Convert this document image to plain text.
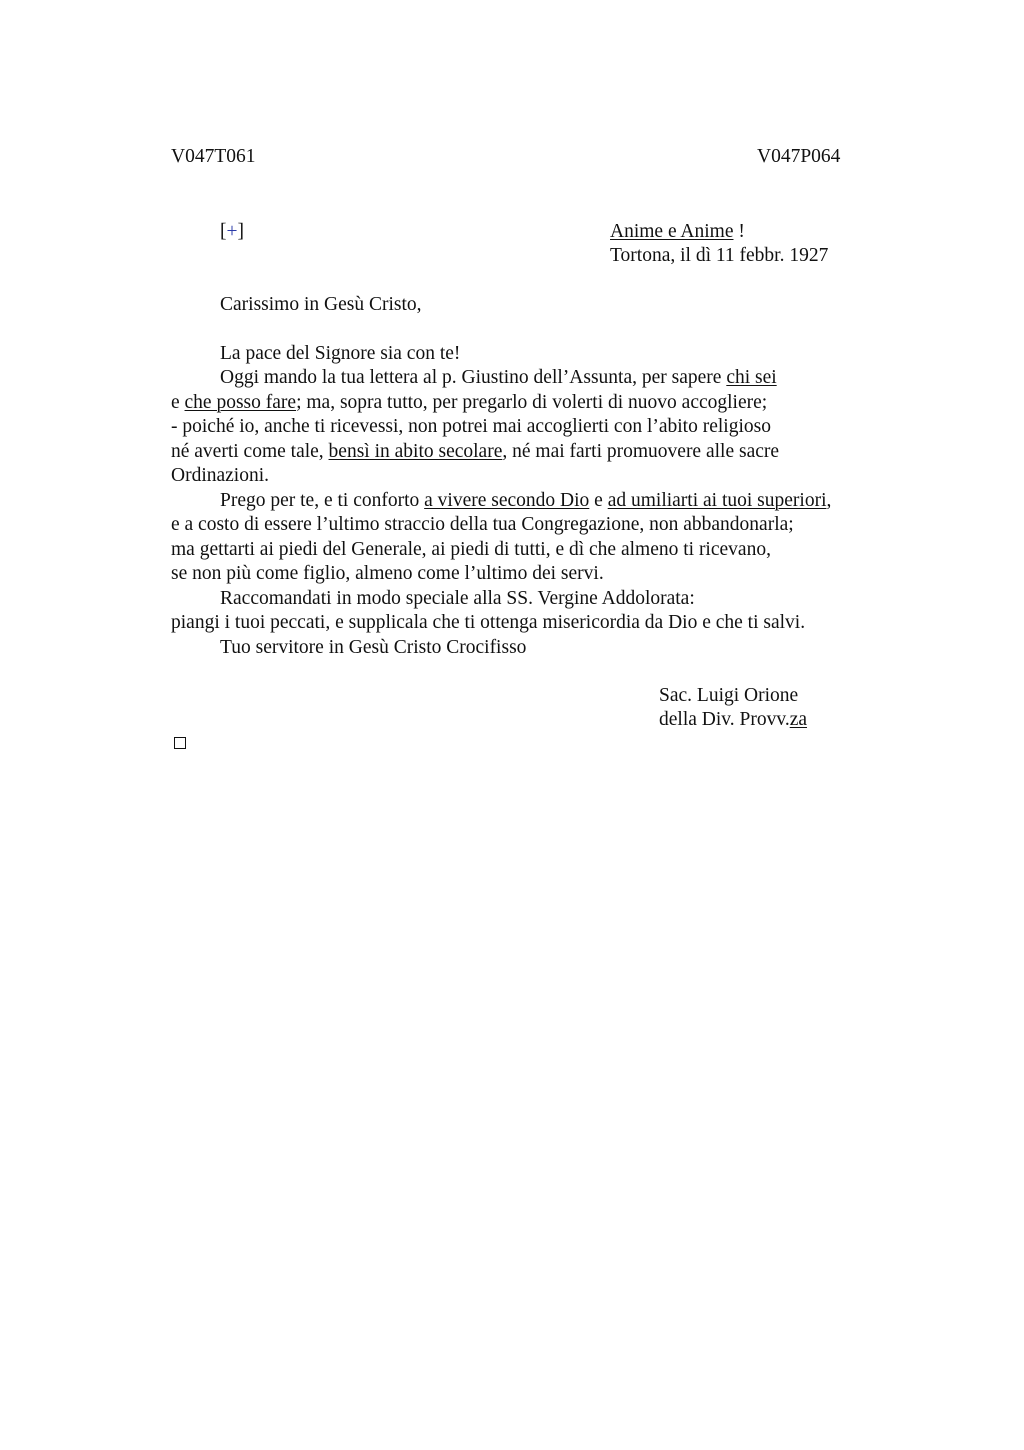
V047T061	V047P064
[+]	Anime e Anime !
Tortona, il dì 11 febbr. 1927
Carissimo in Gesù Cristo,
La pace del Signore sia con te!
Oggi mando la tua lettera al p. Giustino dell’Assunta, per sapere chi sei
e che posso fare; ma, sopra tutto, per pregarlo di volerti di nuovo accogliere;
- poiché io, anche ti ricevessi, non potrei mai accoglierti con l’abito religioso
né averti come tale, bensì in abito secolare, né mai farti promuovere alle sacre
Ordinazioni.
Prego per te, e ti conforto a vivere secondo Dio e ad umiliarti ai tuoi superiori,
e a costo di essere l’ultimo straccio della tua Congregazione, non abbandonarla;
ma gettarti ai piedi del Generale, ai piedi di tutti, e dì che almeno ti ricevano,
se non più come figlio, almeno come l’ultimo dei servi.
Raccomandati in modo speciale alla SS. Vergine Addolorata:
piangi i tuoi peccati, e supplicala che ti ottenga misericordia da Dio e che ti salvi.
Tuo servitore in Gesù Cristo Crocifisso
Sac. Luigi Orione
della Div. Provv.za
